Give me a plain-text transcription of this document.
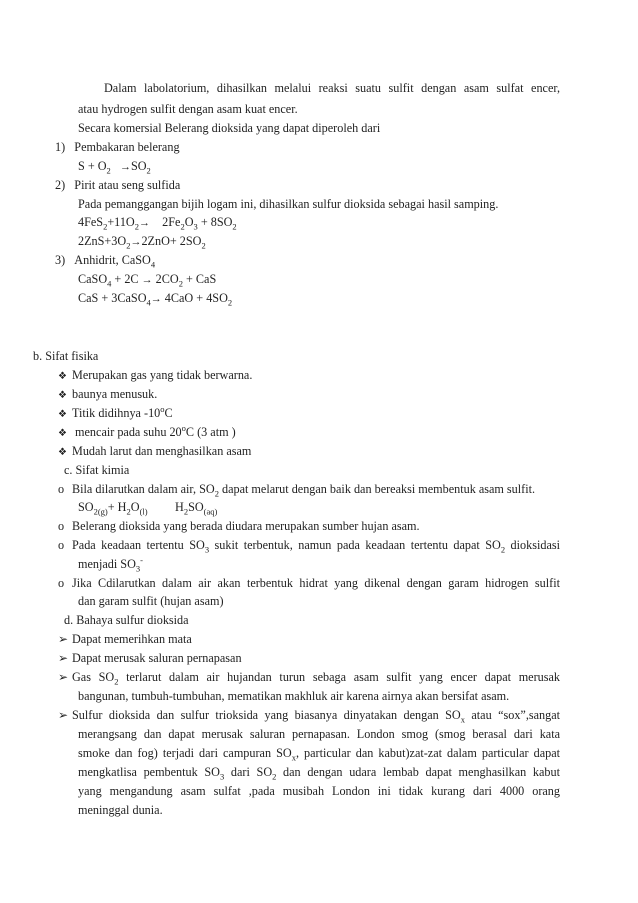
Dalam labolatorium, dihasilkan melalui reaksi suatu sulfit dengan asam sulfat encer,
atau hydrogen sulfit dengan asam kuat encer.
Secara komersial Belerang dioksida yang dapat diperoleh dari
1) Pembakaran belerang
$S + O_2 \to SO_2$
2) Pirit atau seng sulfida
Pada pemanggangan bijih logam ini, dihasilkan sulfur dioksida sebagai hasil samping.
$4FeS_2+11O_2\to 2Fe_2O_3 + 8SO_2$
$2ZnS+3O_2\to 2ZnO+ 2SO_2$
3) Anhidrit, CaSO$_4$
CaSO$_4$ + $2C \to 2CO_2$ + CaS
CaS + 3CaSO$_4$→ $4CaO + 4SO_2$
b. Sifat fisika
❖ Merupakan gas yang tidak berwarna.
❖ baunya menusuk.
❖ Titik didihnya -10$^o$C
❖ mencair pada suhu 20$^o$C (3 atm )
❖ Mudah larut dan menghasilkan asam
c. Sifat kimia
o Bila dilarutkan dalam air, $SO_2$ dapat melarut dengan baik dan bereaksi membentuk asam sulfit.
$SO_{2(g)}+ H_2O_{(l)}$ $H_2SO_{(aq)}$
o Belerang dioksida yang berada diudara merupakan sumber hujan asam.
o Pada keadaan tertentu $SO_3$ sukit terbentuk, namun pada keadaan tertentu dapat $SO_2$ dioksidasi
menjadi $SO_3^-$
o Jika Cdilarutkan dalam air akan terbentuk hidrat yang dikenal dengan garam hidrogen sulfit
dan garam sulfit (hujan asam)
d. Bahaya sulfur dioksida
➢ Dapat memerihkan mata
➢ Dapat merusak saluran pernapasan
➢ Gas $SO_2$ terlarut dalam air hujandan turun sebaga asam sulfit yang encer dapat merusak
bangunan, tumbuh-tumbuhan, mematikan makhluk air karena airnya akan bersifat asam.
➢ Sulfur dioksida dan sulfur trioksida yang biasanya dinyatakan dengan $SO_x$ atau “sox”,sangat
merangsang dan dapat merusak saluran pernapasan. London smog (smog berasal dari kata
smoke dan fog) terjadi dari campuran $SO_x$, particular dan kabut)zat-zat dalam particular dapat
mengkatlisa pembentuk $SO_3$ dari $SO_2$ dan dengan udara lembab dapat menghasilkan kabut
yang mengandung asam sulfat ,pada musibah London ini tidak kurang dari 4000 orang
meninggal dunia.
